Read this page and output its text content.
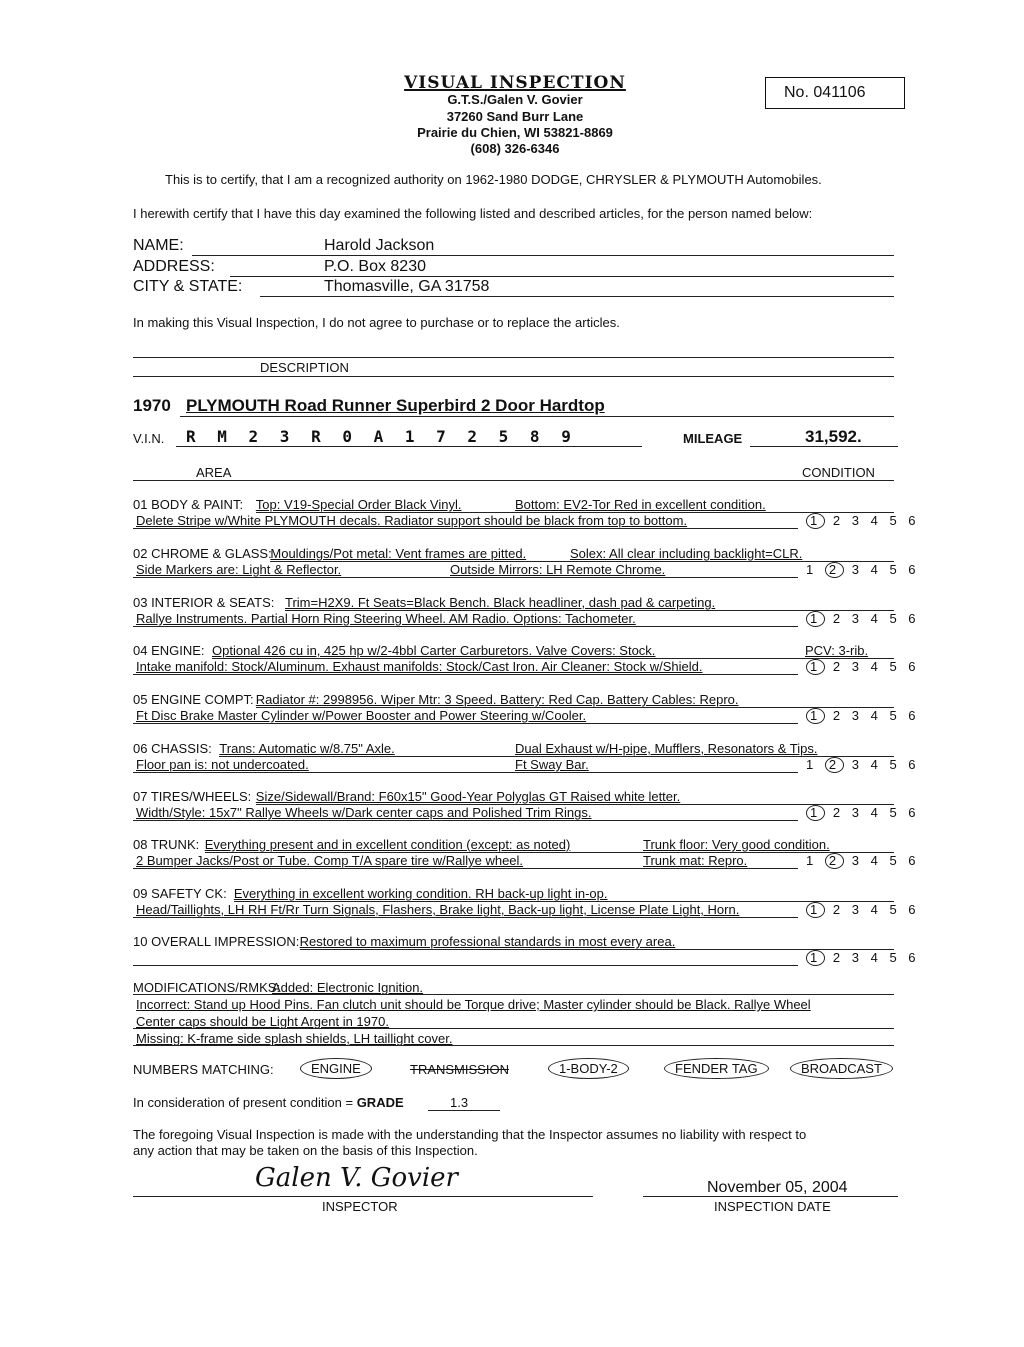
VISUAL INSPECTION
G.T.S./Galen V. Govier
37260 Sand Burr Lane
Prairie du Chien, WI 53821-8869
(608) 326-6346
No. 041106
This is to certify, that I am a recognized authority on 1962-1980 DODGE, CHRYSLER & PLYMOUTH Automobiles.
I herewith certify that I have this day examined the following listed and described articles, for the person named below:
NAME:	Harold Jackson
ADDRESS:	P.O. Box 8230
CITY & STATE:	Thomasville, GA 31758
In making this Visual Inspection, I do not agree to purchase or to replace the articles.
DESCRIPTION
1970 PLYMOUTH Road Runner Superbird 2 Door Hardtop
V.I.N. R M 2 3 R 0 A 1 7 2 5 8 9	MILEAGE	31,592.
AREA	CONDITION
01 BODY & PAINT: Top: V19-Special Order Black Vinyl.	Bottom: EV2-Tor Red in excellent condition.
Delete Stripe w/White PLYMOUTH decals. Radiator support should be black from top to bottom.	1 2 3 4 5 6
02 CHROME & GLASS:
Mouldings/Pot metal: Vent frames are pitted.	Solex: All clear including backlight=CLR.
Side Markers are: Light & Reflector.	Outside Mirrors: LH Remote Chrome.	1 2 3 4 5 6
03 INTERIOR & SEATS: Trim=H2X9. Ft Seats=Black Bench. Black headliner, dash pad & carpeting.
Rallye Instruments. Partial Horn Ring Steering Wheel. AM Radio. Options: Tachometer.	1 2 3 4 5 6
04 ENGINE: Optional 426 cu in, 425 hp w/2-4bbl Carter Carburetors. Valve Covers: Stock.	PCV: 3-rib.
Intake manifold: Stock/Aluminum. Exhaust manifolds: Stock/Cast Iron. Air Cleaner: Stock w/Shield.	1 2 3 4 5 6
05 ENGINE COMPT: Radiator #: 2998956. Wiper Mtr: 3 Speed. Battery: Red Cap. Battery Cables: Repro.
Ft Disc Brake Master Cylinder w/Power Booster and Power Steering w/Cooler.	1 2 3 4 5 6
06 CHASSIS: Trans: Automatic w/8.75" Axle.	Dual Exhaust w/H-pipe, Mufflers, Resonators & Tips.
Floor pan is: not undercoated.	Ft Sway Bar.	1 2 3 4 5 6
07 TIRES/WHEELS: Size/Sidewall/Brand: F60x15" Good-Year Polyglas GT Raised white letter.
Width/Style: 15x7" Rallye Wheels w/Dark center caps and Polished Trim Rings.	1 2 3 4 5 6
08 TRUNK: Everything present and in excellent condition (except: as noted)	Trunk floor: Very good condition.
2 Bumper Jacks/Post or Tube. Comp T/A spare tire w/Rallye wheel.	Trunk mat: Repro.	1 2 3 4 5 6
09 SAFETY CK: Everything in excellent working condition. RH back-up light in-op.
Head/Taillights, LH RH Ft/Rr Turn Signals, Flashers, Brake light, Back-up light, License Plate Light, Horn.	1 2 3 4 5 6
10 OVERALL IMPRESSION: Restored to maximum professional standards in most every area.
1 2 3 4 5 6
MODIFICATIONS/RMKS:
Added: Electronic Ignition.
Incorrect: Stand up Hood Pins. Fan clutch unit should be Torque drive; Master cylinder should be Black. Rallye Wheel
Center caps should be Light Argent in 1970.
Missing: K-frame side splash shields, LH taillight cover.
NUMBERS MATCHING:	ENGINE	TRANSMISSION	1-BODY-2	FENDER TAG	BROADCAST
In consideration of present condition = GRADE	1.3
The foregoing Visual Inspection is made with the understanding that the Inspector assumes no liability with respect to
any action that may be taken on the basis of this Inspection.
Galen V. Govier
INSPECTOR
November 05, 2004
INSPECTION DATE
